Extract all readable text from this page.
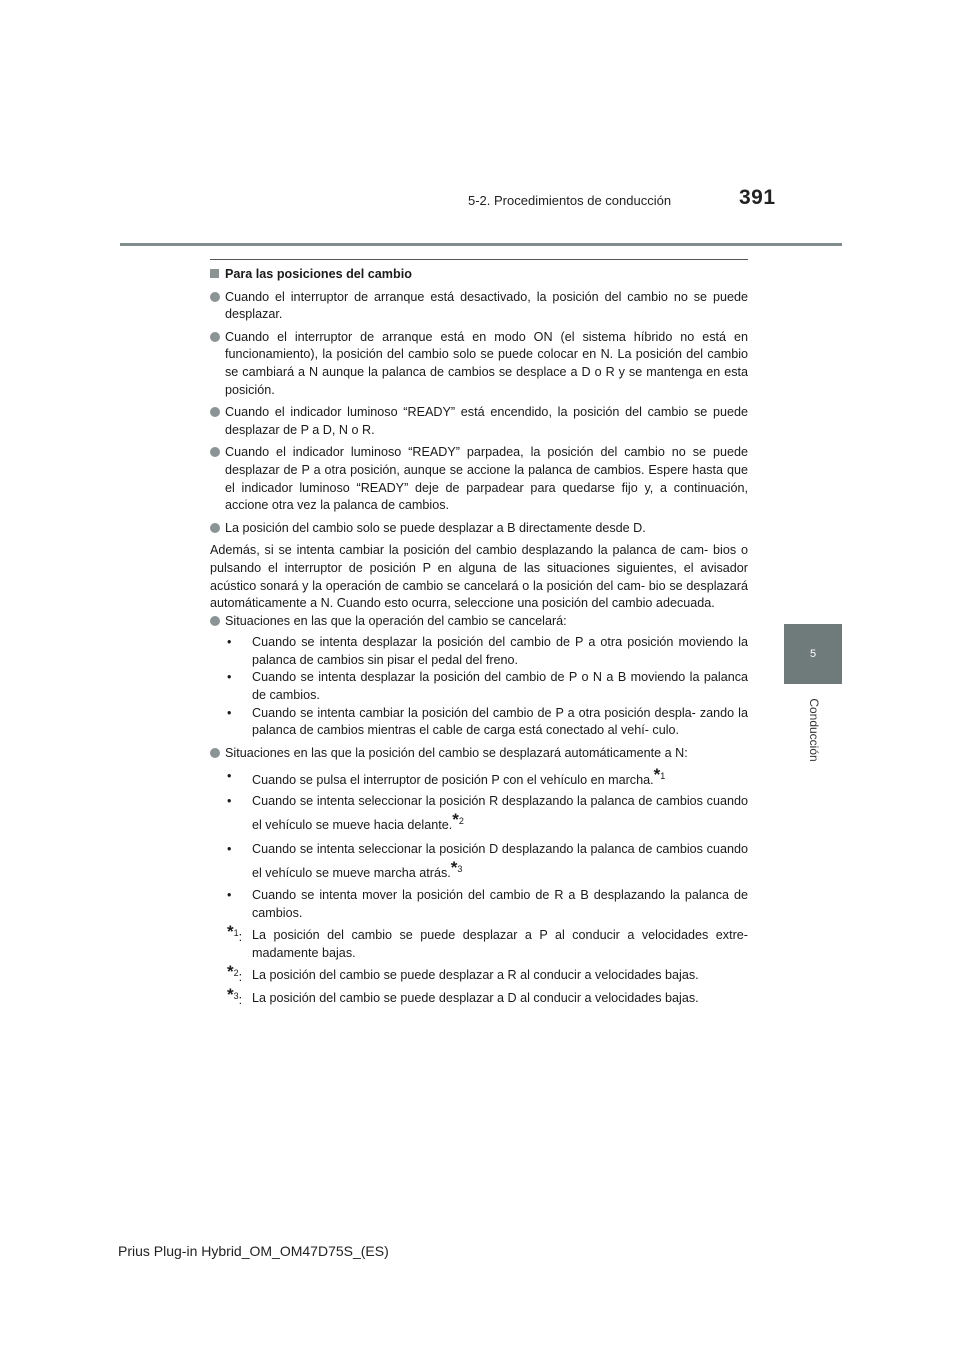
5-2. Procedimientos de conducción	391
5
Conducción
Para las posiciones del cambio

Cuando el interruptor de arranque está desactivado, la posición del cambio no se puede desplazar.

Cuando el interruptor de arranque está en modo ON (el sistema híbrido no está en funcionamiento), la posición del cambio solo se puede colocar en N. La posición del cambio se cambiará a N aunque la palanca de cambios se desplace a D o R y se mantenga en esta posición.

Cuando el indicador luminoso “READY” está encendido, la posición del cambio se puede desplazar de P a D, N o R.

Cuando el indicador luminoso “READY” parpadea, la posición del cambio no se puede desplazar de P a otra posición, aunque se accione la palanca de cambios. Espere hasta que el indicador luminoso “READY” deje de parpadear para quedarse fijo y, a continuación, accione otra vez la palanca de cambios.

La posición del cambio solo se puede desplazar a B directamente desde D.

Además, si se intenta cambiar la posición del cambio desplazando la palanca de cam- bios o pulsando el interruptor de posición P en alguna de las situaciones siguientes, el avisador acústico sonará y la operación de cambio se cancelará o la posición del cam- bio se desplazará automáticamente a N. Cuando esto ocurra, seleccione una posición del cambio adecuada.

Situaciones en las que la operación del cambio se cancelará:

•	Cuando se intenta desplazar la posición del cambio de P a otra posición moviendo la palanca de cambios sin pisar el pedal del freno.

•	Cuando se intenta desplazar la posición del cambio de P o N a B moviendo la palanca de cambios.

•	Cuando se intenta cambiar la posición del cambio de P a otra posición despla- zando la palanca de cambios mientras el cable de carga está conectado al vehí- culo.

Situaciones en las que la posición del cambio se desplazará automáticamente a N:

•	Cuando se pulsa el interruptor de posición P con el vehículo en marcha.*$^1$

•	Cuando se intenta seleccionar la posición R desplazando la palanca de cambios cuando el vehículo se mueve hacia delante.*$^2$

•	Cuando se intenta seleccionar la posición D desplazando la palanca de cambios cuando el vehículo se mueve marcha atrás.*$^3$

•	Cuando se intenta mover la posición del cambio de R a B desplazando la palanca de cambios.

*$^1$: La posición del cambio se puede desplazar a P al conducir a velocidades extre- madamente bajas.

*$^2$: La posición del cambio se puede desplazar a R al conducir a velocidades bajas.

*$^3$: La posición del cambio se puede desplazar a D al conducir a velocidades bajas.

Prius Plug-in Hybrid_OM_OM47D75S_(ES)
